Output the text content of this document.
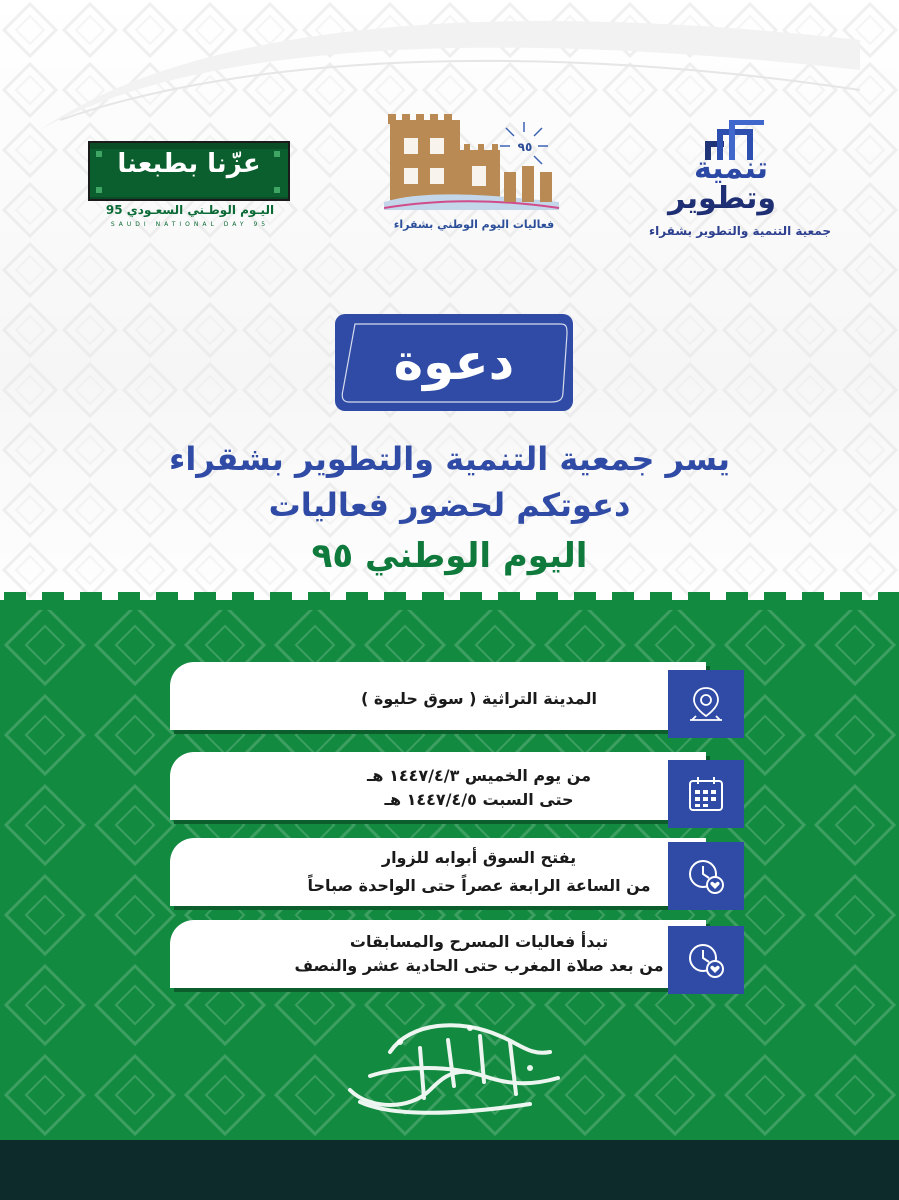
عزّنا بطبعنا
اليـوم الوطـني السعـودي 95
SAUDI NATIONAL DAY 95
٩٥
فعاليات اليوم الوطني بشقراء
تنمية
وتطوير
جمعية التنمية والتطوير بشقراء
دعوة
يسر جمعية التنمية والتطوير بشقراء
دعوتكم لحضور فعاليات
اليوم الوطني ٩٥
المدينة التراثية ( سوق حليوة )
من يوم الخميس ١٤٤٧/٤/٣ هـ
حتى السبت ١٤٤٧/٤/٥ هـ
يفتح السوق أبوابه للزوار
من الساعة الرابعة عصراً حتى الواحدة صباحاً
تبدأ فعاليات المسرح والمسابقات
من بعد صلاة المغرب حتى الحادية عشر والنصف
